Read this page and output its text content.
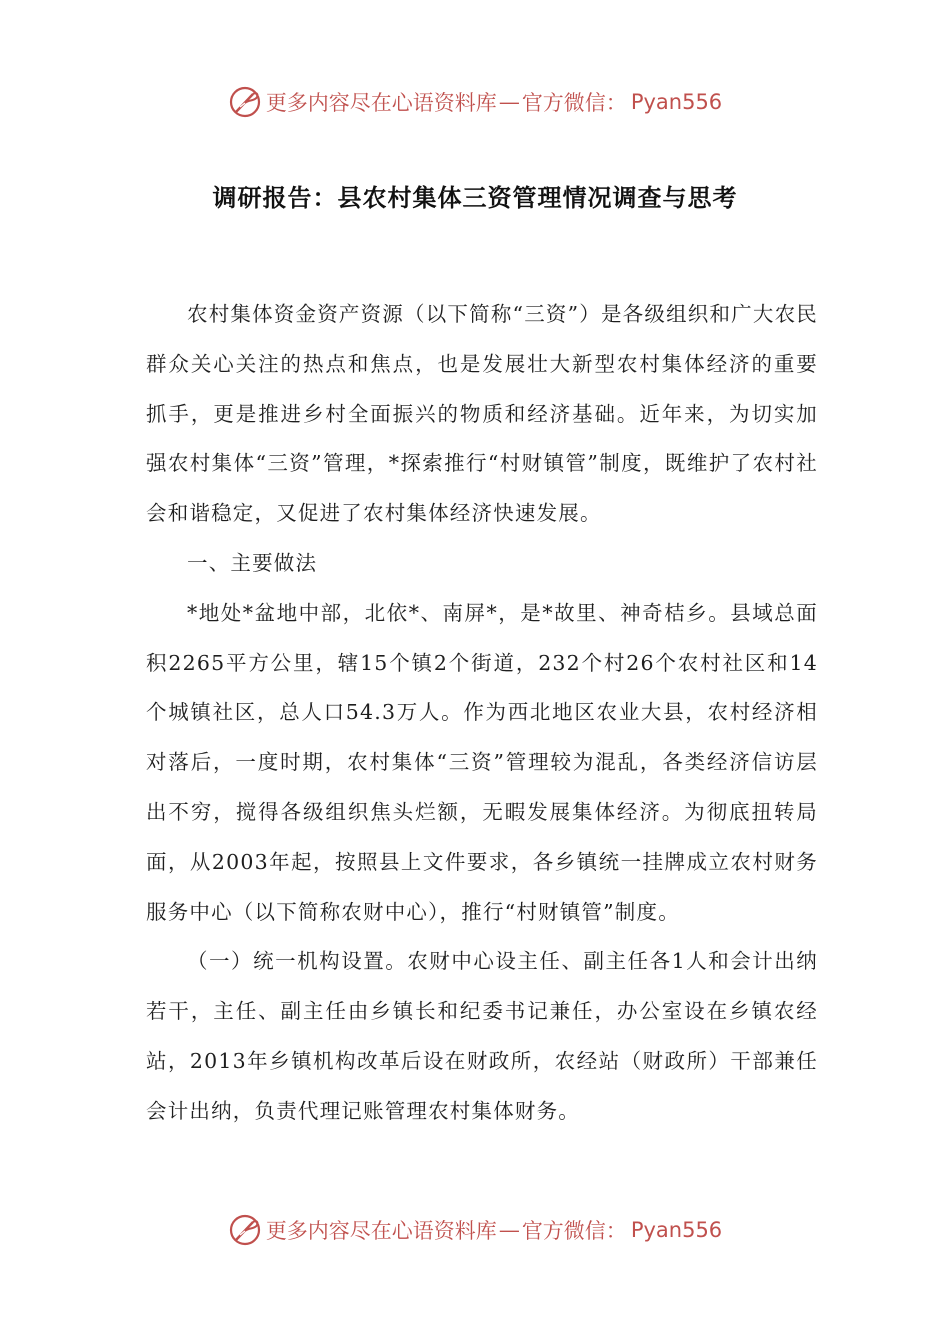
更多内容尽在心语资料库 — 官方微信： Pyan556
调研报告：县农村集体三资管理情况调查与思考

农村集体资金资产资源（以下简称“三资”）是各级组织和广大农民群众关心关注的热点和焦点，也是发展壮大新型农村集体经济的重要抓手，更是推进乡村全面振兴的物质和经济基础。近年来，为切实加强农村集体“三资”管理，*探索推行“村财镇管”制度，既维护了农村社会和谐稳定，又促进了农村集体经济快速发展。

一、主要做法

*地处*盆地中部，北依*、南屏*，是*故里、神奇桔乡。县域总面积2265平方公里，辖15个镇2个街道，232个村26个农村社区和14个城镇社区，总人口54.3万人。作为西北地区农业大县，农村经济相对落后，一度时期，农村集体“三资”管理较为混乱，各类经济信访层出不穷，搅得各级组织焦头烂额，无暇发展集体经济。为彻底扭转局面，从2003年起，按照县上文件要求，各乡镇统一挂牌成立农村财务服务中心（以下简称农财中心），推行“村财镇管”制度。

（一）统一机构设置。农财中心设主任、副主任各1人和会计出纳若干，主任、副主任由乡镇长和纪委书记兼任，办公室设在乡镇农经站，2013年乡镇机构改革后设在财政所，农经站（财政所）干部兼任会计出纳，负责代理记账管理农村集体财务。

更多内容尽在心语资料库 — 官方微信： Pyan556
